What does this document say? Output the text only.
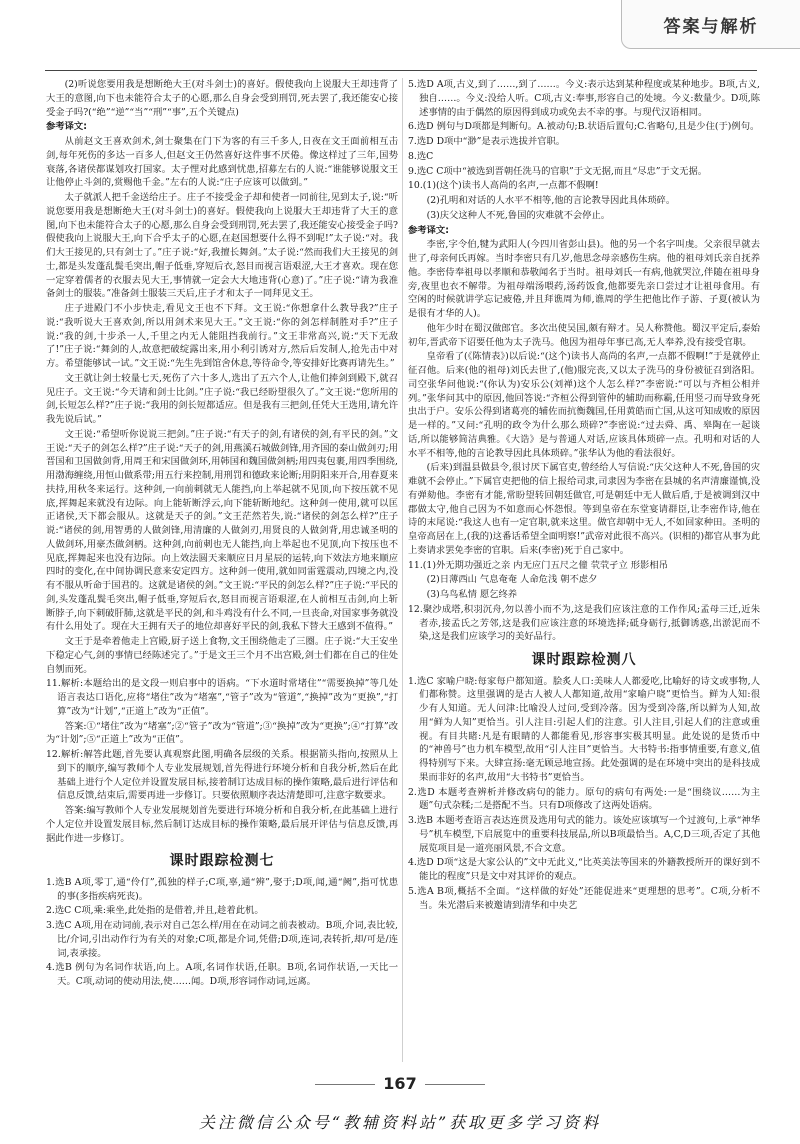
答案与解析

(2)听说您要用我是想断绝大王(对斗剑士)的喜好。假使我向上说服大王却违背了大王的意图,向下也未能符合太子的心愿,那么自身会受到刑罚,死去罢了,我还能安心接受金子吗?(“绝”“逆”“当”“刑”“事”,五个关键点)

参考译文:

从前赵文王喜欢剑术,剑士聚集在门下为客的有三千多人,日夜在文王面前相互击剑,每年死伤的多达一百多人,但赵文王仍然喜好这件事不厌倦。像这样过了三年,国势衰落,各诸侯都谋划攻打国家。太子悝对此感到忧患,招募左右的人说:“谁能够说服文王让他停止斗剑的,赏赐他千金。”左右的人说:“庄子应该可以做到。”

太子就派人把千金送给庄子。庄子不接受金子却和使者一同前往,见到太子,说:“听说您要用我是想断绝大王(对斗剑士)的喜好。假使我向上说服大王却违背了大王的意图,向下也未能符合太子的心愿,那么自身会受到刑罚,死去罢了,我还能安心接受金子吗?假使我向上说服大王,向下合乎太子的心愿,在赵国想要什么得不到呢!”太子说:“对。我们大王接见的,只有剑士了。”庄子说:“好,我擅长舞剑。”太子说:“然而我们大王接见的剑士,都是头发蓬乱鬓毛突出,帽子低垂,穿短后衣,怒目而视言语艰涩,大王才喜欢。现在您一定穿着儒者的衣服去见大王,事情就一定会大大地违背(心意)了。”庄子说:“请为我准备剑士的服装。”准备剑士服装三天后,庄子才和太子一同拜见文王。

庄子进殿门不小步快走,看见文王也不下拜。文王说:“你想拿什么教导我?”庄子说:“我听说大王喜欢剑,所以用剑术来见大王。”文王说:“你的剑怎样制胜对手?”庄子说:“我的剑,十步杀一人,千里之内无人能阻挡我前行。”文王非常高兴,说:“天下无敌了!”庄子说:“舞剑的人,故意把破绽露出来,用小利引诱对方,然后后发制人,抢先击中对方。希望能够试一试。”文王说:“先生先到馆舍休息,等待命令,等安排好比赛再请先生。”

文王就让剑士较量七天,死伤了六十多人,选出了五六个人,让他们捧剑到殿下,就召见庄子。文王说:“今天请和剑士比剑。”庄子说:“我已经盼望很久了。”文王说:“您所用的剑,长短怎么样?”庄子说:“我用的剑长短都适应。但是我有三把剑,任凭大王选用,请允许我先说后试。”

文王说:“希望听你说说三把剑。”庄子说:“有天子的剑,有诸侯的剑,有平民的剑。”文王说:“天子的剑怎么样?”庄子说:“天子的剑,用燕溪石城做剑锋,用齐国的泰山做剑刃;用晋国和卫国做剑背,用周王和宋国做剑环,用韩国和魏国做剑柄;用四夷包裹,用四季围绕,用渤海缠绕,用恒山做系带;用五行来控制,用刑罚和德政来论断;用阴阳来开合,用春夏来扶持,用秋冬来运行。这种剑,一向前刺就无人能挡,向上举起就不见顶,向下按压就不见底,挥舞起来就没有边际。向上能斩断浮云,向下能斩断地纪。这种剑一使用,就可以匡正诸侯,天下都会服从。这就是天子的剑。”文王茫然若失,说:“诸侯的剑怎么样?”庄子说:“诸侯的剑,用智勇的人做剑锋,用清廉的人做剑刃,用贤良的人做剑背,用忠诚圣明的人做剑环,用豪杰做剑柄。这种剑,向前刺也无人能挡,向上举起也不见顶,向下按压也不见底,挥舞起来也没有边际。向上效法圆天来顺应日月星辰的运转,向下效法方地来顺应四时的变化,在中间协调民意来安定四方。这种剑一使用,就如同雷霆震动,四境之内,没有不服从听命于国君的。这就是诸侯的剑。”文王说:“平民的剑怎么样?”庄子说:“平民的剑,头发蓬乱鬓毛突出,帽子低垂,穿短后衣,怒目而视言语艰涩,在人前相互击剑,向上斩断脖子,向下刺破肝肺,这就是平民的剑,和斗鸡没有什么不同,一旦丧命,对国家事务就没有什么用处了。现在大王拥有天子的地位却喜好平民的剑,我私下替大王感到不值得。”

文王于是牵着他走上宫殿,厨子送上食物,文王围绕他走了三圈。庄子说:“大王安坐下稳定心气,剑的事情已经陈述完了。”于是文王三个月不出宫殿,剑士们都在自己的住处自刎而死。

11.解析:本题给出的是文段一则启事中的语病。“下水道时常堵住”“需要换掉”等几处语言表达口语化,应将“堵住”改为“堵塞”,“管子”改为“管道”,“换掉”改为“更换”,“打算”改为“计划”,“正道上”改为“正值”。

答案:①“堵住”改为“堵塞”;②“管子”改为“管道”;③“换掉”改为“更换”;④“打算”改为“计划”;⑤“正道上”改为“正值”。

12.解析:解答此题,首先要认真观察此图,明确各层级的关系。根据箭头指向,按照从上到下的顺序,编写教师个人专业发展规划,首先得进行环境分析和自我分析,然后在此基础上进行个人定位并设置发展目标,接着制订达成目标的操作策略,最后进行评估和信息反馈,结束后,需要再进一步修订。只要依照顺序表达清楚即可,注意字数要求。

答案:编写教师个人专业发展规划首先要进行环境分析和自我分析,在此基础上进行个人定位并设置发展目标,然后制订达成目标的操作策略,最后展开评估与信息反馈,再据此作进一步修订。

课时跟踪检测七

1.选B A项,零丁,通“伶仃”,孤独的样子;C项,辜,通“辨”,娶于;D项,闻,通“阙”,指可忧患的事(多指疾病死丧)。

2.选C C项,乘:乘坐,此处指的是借着,并且,趁着此机。

3.选C A项,用在动词前,表示对自己怎么样/用在在动词之前表被动。B项,介词,表比较,比/介词,引出动作行为有关的对象;C项,都是介词,凭借;D项,连词,表转折,却/可是/连词,表承接。

4.选B 例句为名词作状语,向上。A项,名词作状语,任职。B项,名词作状语,一天比一天。C项,动词的使动用法,使……闻。D项,形容词作动词,远离。

5.选D A项,古义,到了……,到了……。今义:表示达到某种程度或某种地步。B项,古义,独自……。今义:没给人听。C项,古义:奉事,形容自己的处境。今义:数量少。D项,陈述事情的由于偶然的原因得到成功或免去不幸的事。与现代汉语相同。

6.选D 例句与D项都是判断句。A.被动句;B.状语后置句;C.省略句,且是少住(于)例句。

7.选D D项中“渺”是表示选拔并官职。

8.选C

9.选C C项中“被选到晋朝任洗马的官职”于文无据,而且“尽忠”于文无据。

10.(1)(这个)读书人高尚的名声,一点都不假啊!

(2)孔明和对话的人水平不相等,他的言论教导因此具体琐碎。

(3)庆父这种人不死,鲁国的灾难就不会停止。

参考译文:

李密,字令伯,犍为武阳人(今四川省彭山县)。他的另一个名字叫虔。父亲很早就去世了,母亲何氏再嫁。当时李密只有几岁,他思念母亲感伤生病。他的祖母刘氏亲自抚养他。李密侍奉祖母以孝顺和恭敬闻名于当时。祖母刘氏一有病,他就哭泣,伴随在祖母身旁,夜里也衣不解带。为祖母端汤喂药,汤药饭食,他都要先亲口尝过才让祖母食用。有空闲的时候就讲学忘记疲倦,并且拜谯周为师,谯周的学生把他比作子游、子夏(被认为是很有才华的人)。

他年少时在蜀汉做郎官。多次出使吴国,颇有辩才。吴人称赞他。蜀汉平定后,泰始初年,晋武帝下诏要任他为太子洗马。他因为祖母年事已高,无人奉养,没有接受官职。

皇帝看了(《陈情表》)以后说:“(这个)读书人高尚的名声,一点都不假啊!”于是就停止征召他。后来(他的祖母)刘氏去世了,(他)服完丧,又以太子洗马的身份被征召到洛阳。司空张华问他说:“(你认为)安乐公(刘禅)这个人怎么样?”李密说:“可以与齐桓公相并列。”张华问其中的原因,他回答说:“齐桓公得到管仲的辅助而称霸,任用竖刁而导致身死虫出于户。安乐公得到诸葛亮的辅佐而抗衡魏国,任用黄皓而亡国,从这可知成败的原因是一样的。”又问:“孔明的政令为什么那么琐碎?”李密说:“过去舜、禹、皋陶在一起谈话,所以能够简洁典雅。《大诰》是与普通人对话,应该具体琐碎一点。孔明和对话的人水平不相等,他的言论教导因此具体琐碎。”张华认为他的看法很好。

(后来)到温县做县令,很讨厌下属官吏,曾经给人写信说:“庆父这种人不死,鲁国的灾难就不会停止。”下属官吏把他的信上报给司隶,司隶因为李密在县城的名声清廉谨慎,没有弹劾他。李密有才能,常盼望转回朝廷做官,可是朝廷中无人做后盾,于是被调到汉中郡做太守,他自己因为不如意而心怀怨恨。等到皇帝在东堂宴请群臣,让李密作诗,他在诗的末尾说:“我这人也有一定官职,就来这里。做官却朝中无人,不如回家种田。圣明的皇帝高居在上,(我的)这番话希望全面明察!”武帝对此很不高兴。(识相的)都官从事为此上奏请求罢免李密的官职。后来(李密)死于自己家中。

11.(1)外无期功强近之亲 内无应门五尺之僮 茕茕孑立 形影相吊

(2)日薄西山 气息奄奄 人命危浅 朝不虑夕

(3)乌鸟私情 愿乞终养

12.聚沙成塔,积羽沉舟,勿以善小而不为,这是我们应该注意的工作作风;孟母三迁,近朱者赤,接孟氏之芳邻,这是我们应该注意的环境选择;砥身砺行,抵御诱惑,出淤泥而不染,这是我们应该学习的美好品行。

课时跟踪检测八

1.选C 家喻户晓:每家每户都知道。脍炙人口:美味人人都爱吃,比喻好的诗文或事物,人们都称赞。这里强调的是古人被人人都知道,故用“家喻户晓”更恰当。鲜为人知:很少有人知道。无人问津:比喻没人过问,受到冷落。因为受到冷落,所以鲜为人知,故用“鲜为人知”更恰当。引人注目:引起人们的注意。引人注目,引起人们的注意或重视。有目共睹:凡是有眼睛的人都能看见,形容事实极其明显。此处说的是货币中的“神兽号”也力机车模型,故用“引人注目”更恰当。大书特书:指事情重要,有意义,值得特别写下来。大肆宣扬:毫无顾忌地宣扬。此处强调的是在环境中突出的是科技成果而非好的名声,故用“大书特书”更恰当。

2.选D 本题考查辨析并修改病句的能力。原句的病句有两处:一是“围绕议……为主题”句式杂糅;二是搭配不当。只有D项修改了这两处语病。

3.选B 本题考查语言表达连贯及选用句式的能力。该处应该填写一个过渡句,上承“神华号”机车模型,下启展览中的重要科技展品,所以B项最恰当。A,C,D三项,否定了其他展览项目是一道亮丽风景,不合文意。

4.选D D项“这是大家公认的”文中无此义,“比英美法等国来的外籍教授所开的课好到不能比的程度”只是文中对其评价的观点。

5.选A B项,概括不全面。“这样做的好处”还能促进来“更理想的思考”。C项,分析不当。朱光潜后来被邀请到清华和中央艺

167
关注微信公众号“教辅资料站”获取更多学习资料
